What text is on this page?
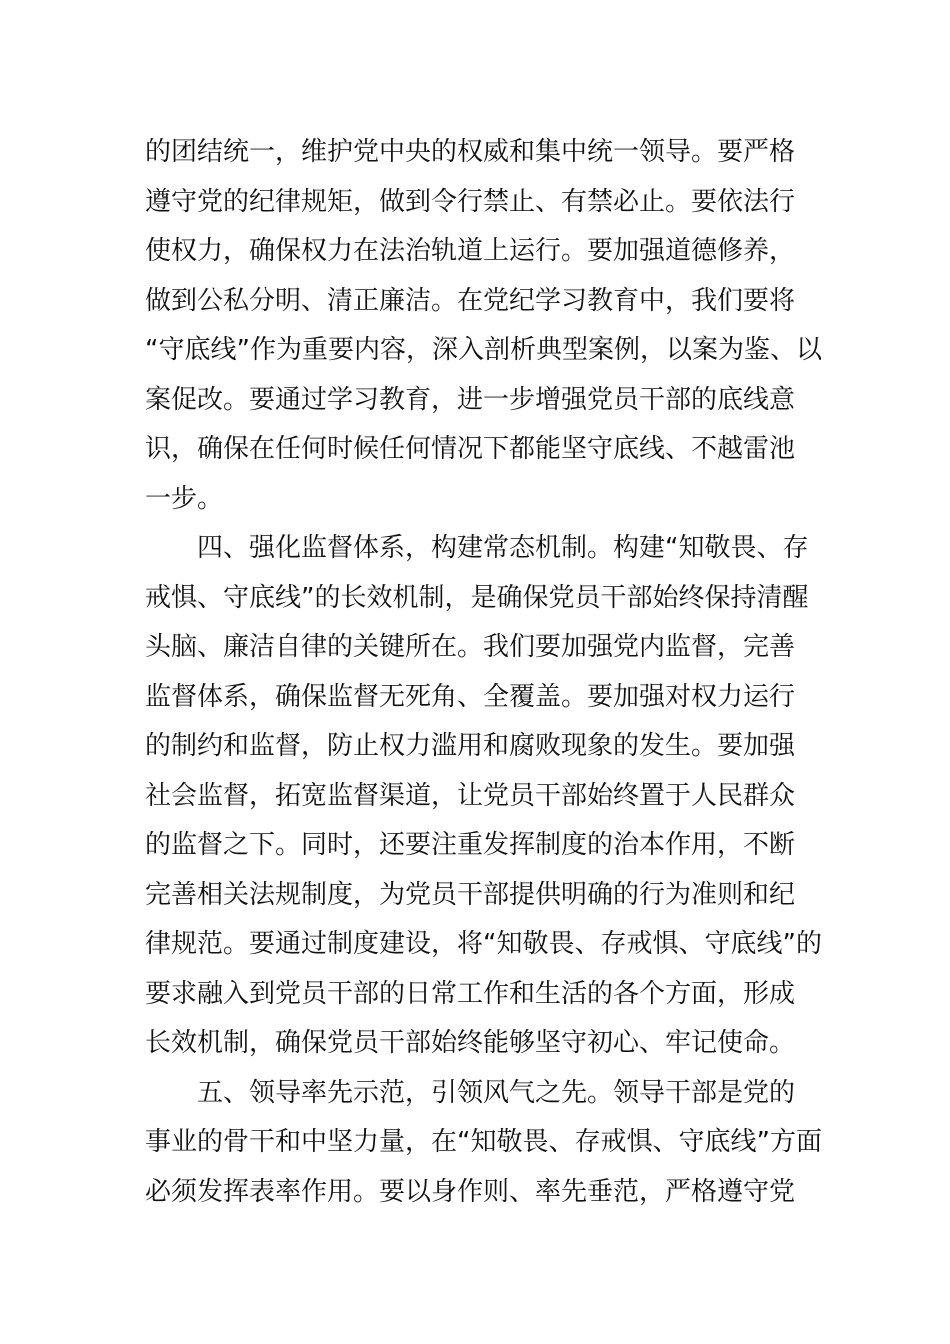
的团结统一，维护党中央的权威和集中统一领导。要严格
遵守党的纪律规矩，做到令行禁止、有禁必止。要依法行
使权力，确保权力在法治轨道上运行。要加强道德修养，
做到公私分明、清正廉洁。在党纪学习教育中，我们要将
“守底线”作为重要内容，深入剖析典型案例，以案为鉴、以
案促改。要通过学习教育，进一步增强党员干部的底线意
识，确保在任何时候任何情况下都能坚守底线、不越雷池
一步。
四、强化监督体系，构建常态机制。构建“知敬畏、存
戒惧、守底线”的长效机制，是确保党员干部始终保持清醒
头脑、廉洁自律的关键所在。我们要加强党内监督，完善
监督体系，确保监督无死角、全覆盖。要加强对权力运行
的制约和监督，防止权力滥用和腐败现象的发生。要加强
社会监督，拓宽监督渠道，让党员干部始终置于人民群众
的监督之下。同时，还要注重发挥制度的治本作用，不断
完善相关法规制度，为党员干部提供明确的行为准则和纪
律规范。要通过制度建设，将“知敬畏、存戒惧、守底线”的
要求融入到党员干部的日常工作和生活的各个方面，形成
长效机制，确保党员干部始终能够坚守初心、牢记使命。
五、领导率先示范，引领风气之先。领导干部是党的
事业的骨干和中坚力量，在“知敬畏、存戒惧、守底线”方面
必须发挥表率作用。要以身作则、率先垂范，严格遵守党
